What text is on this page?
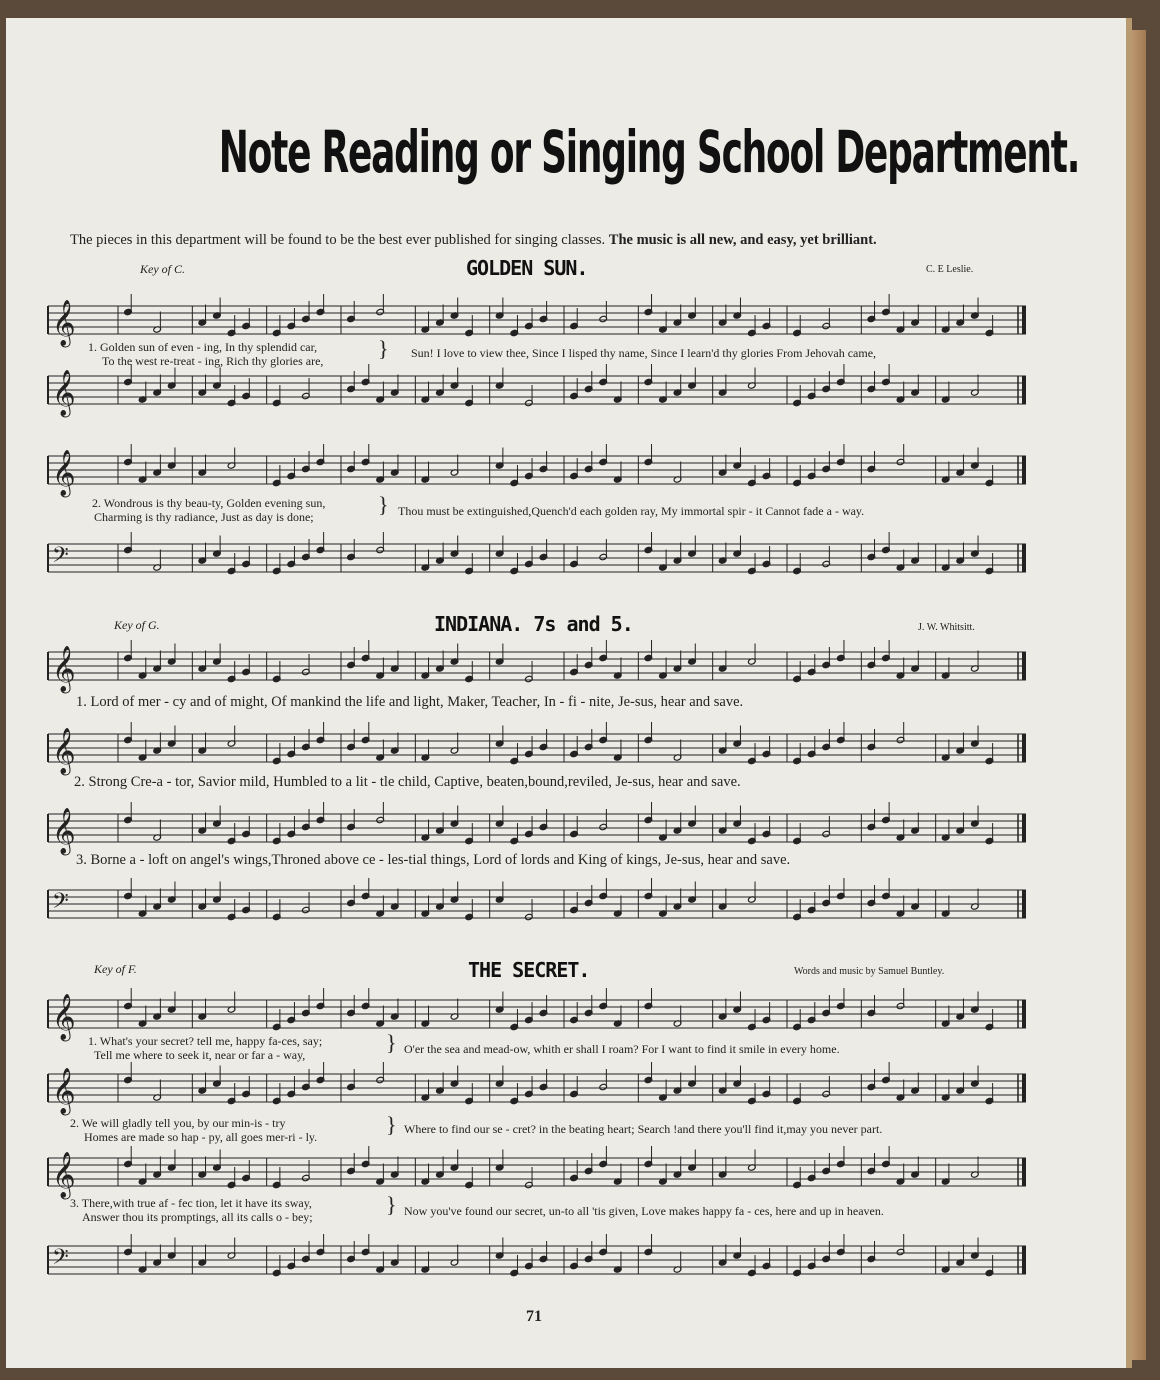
Note Reading or Singing School Department.
The pieces in this department will be found to be the best ever published for singing classes. The music is all new, and easy, yet brilliant.
Key of C.	GOLDEN SUN.	C. E Leslie.
𝄞
1. Golden sun of even - ing, In thy splendid car,
To the west re-treat - ing, Rich thy glories are, } Sun! I love to view thee, Since I lisped thy name, Since I learn'd thy glories From Jehovah came,
𝄞
𝄞
2. Wondrous is thy beau-ty, Golden evening sun,
Charming is thy radiance, Just as day is done;	} Thou must be extinguished,Quench'd each golden ray, My immortal spir - it Cannot fade a - way.
𝄢
Key of G.	INDIANA. 7s and 5.	J. W. Whitsitt.
𝄞
1. Lord of mer - cy and of might, Of mankind the life and light, Maker, Teacher, In - fi - nite, Je-sus, hear and save.
𝄞
2. Strong Cre-a - tor, Savior mild, Humbled to a lit - tle child, Captive, beaten,bound,reviled, Je-sus, hear and save.
𝄞
3. Borne a - loft on angel's wings,Throned above ce - les-tial things, Lord of lords and King of kings, Je-sus, hear and save.
𝄢
Key of F.	THE SECRET.	Words and music by Samuel Buntley.
𝄞
1. What's your secret? tell me, happy fa-ces, say;
Tell me where to seek it, near or far a - way,	} O'er the sea and mead-ow, whith er shall I roam? For I want to find it smile in every home.
𝄞
2. We will gladly tell you, by our min-is - try
Homes are made so hap - py, all goes mer-ri - ly.	} Where to find our se - cret? in the beating heart; Search !and there you'll find it,may you never part.
𝄞
3. There,with true af - fec tion, let it have its sway,
Answer thou its promptings, all its calls o - bey;	} Now you've found our secret, un-to all 'tis given, Love makes happy fa - ces, here and up in heaven.
𝄢
71
